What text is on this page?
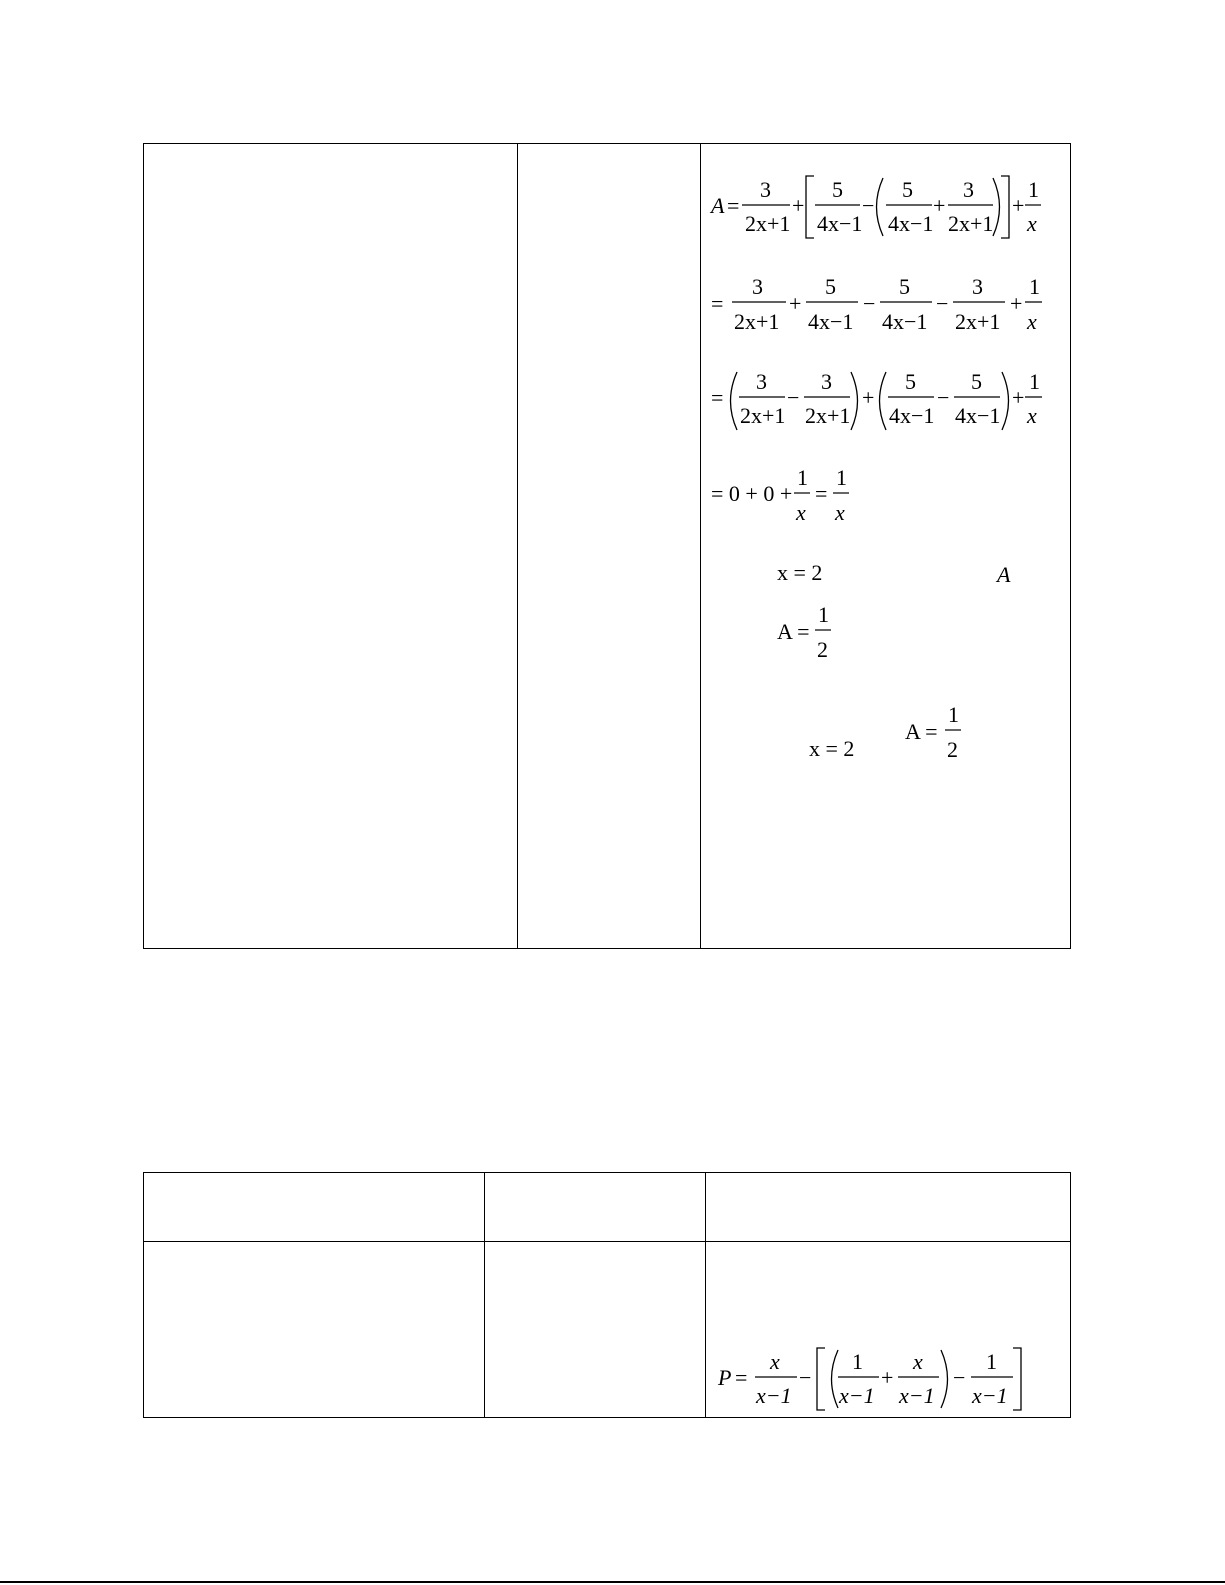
A =
3
2x+1
+
5
4x−1
−
5
4x−1
+
3
2x+1
+
1
x
=
3
2x+1
+
5
4x−1
−
5
4x−1
−
3
2x+1
+
1
x
=
3
2x+1
−
3
2x+1
+
5
4x−1
−
5
4x−1
+
1
x
= 0 + 0 +
1
x
=
1
x
x = 2	A
A =
1
2
x = 2
A =
1
2
P =
x
x−1
−
1
x−1
+
x
x−1
−
1
x−1
